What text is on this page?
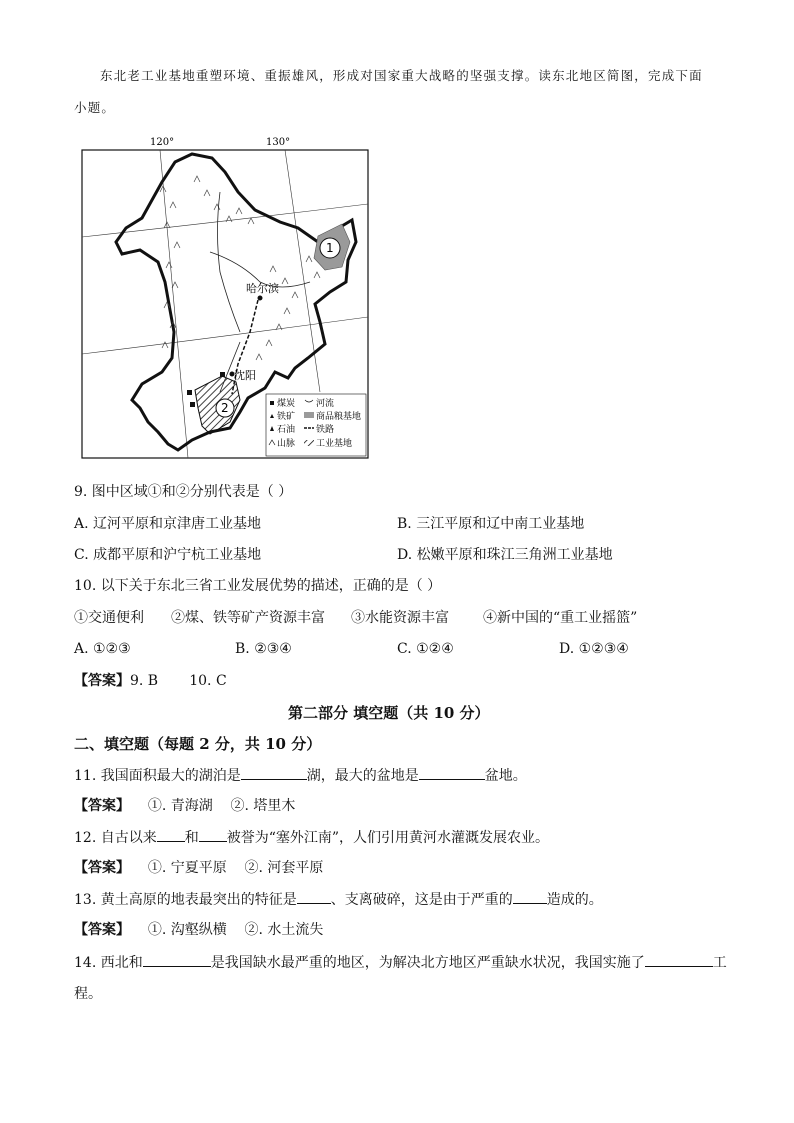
东北老工业基地重塑环境、重振雄风，形成对国家重大战略的坚强支撑。读东北地区简图，完成下面
小题。
120°	130°
1
2
哈尔滨
沈阳
煤炭
铁矿
石油
山脉
河流
商品粮基地
铁路
工业基地
9. 图中区域①和②分别代表是（ ）
A. 辽河平原和京津唐工业基地	B. 三江平原和辽中南工业基地
C. 成都平原和沪宁杭工业基地	D. 松嫩平原和珠江三角洲工业基地
10. 以下关于东北三省工业发展优势的描述，正确的是（ ）
①交通便利 ②煤、铁等矿产资源丰富 ③水能资源丰富 ④新中国的“重工业摇篮”
A. ①②③	B. ②③④	C. ①②④	D. ①②③④
【答案】9. B       10. C
第二部分 填空题（共 10 分）
二、填空题（每题 2 分，共 10 分）
11. 我国面积最大的湖泊是	湖，最大的盆地是	盆地。
【答案】 ①. 青海湖 ②. 塔里木
12. 自古以来 和 被誉为“塞外江南”，人们引用黄河水灌溉发展农业。
【答案】 ①. 宁夏平原 ②. 河套平原
13. 黄土高原的地表最突出的特征是 、支离破碎，这是由于严重的 造成的。
【答案】 ①. 沟壑纵横 ②. 水土流失
14. 西北和	是我国缺水最严重的地区，为解决北方地区严重缺水状况，我国实施了	工
程。
